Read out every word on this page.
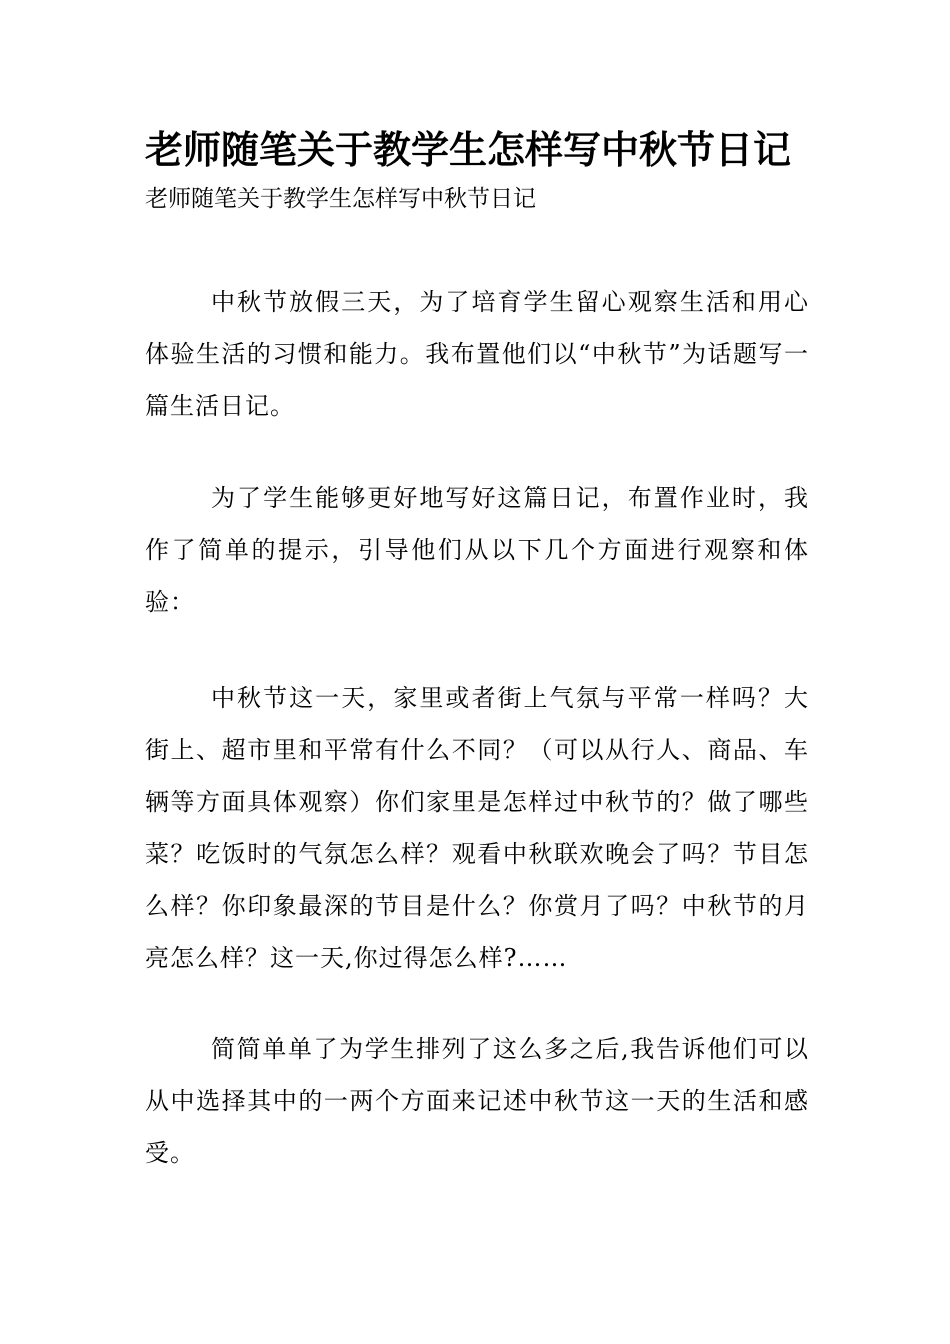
老师随笔关于教学生怎样写中秋节日记

老师随笔关于教学生怎样写中秋节日记

中秋节放假三天，为了培育学生留心观察生活和用心体验生活的习惯和能力。我布置他们以“中秋节”为话题写一篇生活日记。

为了学生能够更好地写好这篇日记，布置作业时，我作了简单的提示，引导他们从以下几个方面进行观察和体验：

中秋节这一天，家里或者街上气氛与平常一样吗？大街上、超市里和平常有什么不同？（可以从行人、商品、车辆等方面具体观察）你们家里是怎样过中秋节的？做了哪些菜？吃饭时的气氛怎么样？观看中秋联欢晚会了吗？节目怎么样？你印象最深的节目是什么？你赏月了吗？中秋节的月亮怎么样？这一天,你过得怎么样?……

简简单单了为学生排列了这么多之后,我告诉他们可以从中选择其中的一两个方面来记述中秋节这一天的生活和感受。
